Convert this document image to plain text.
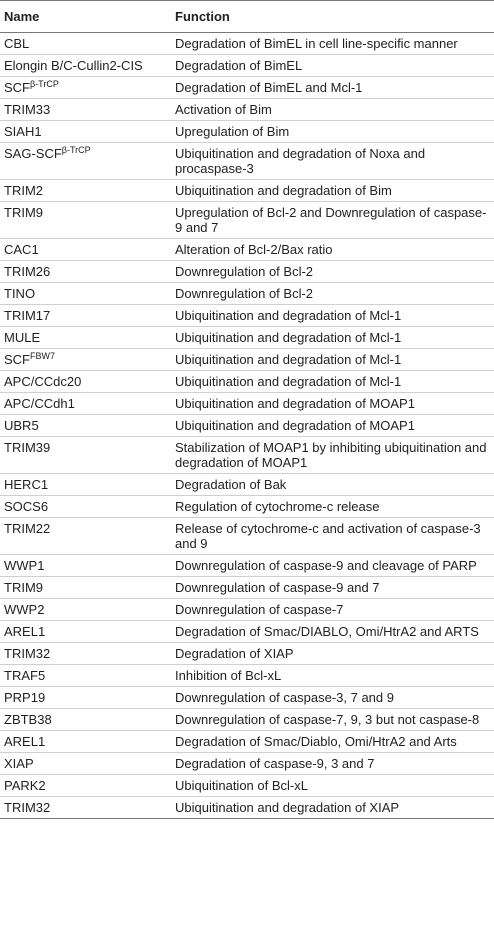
Name	Function
CBL	Degradation of BimEL in cell line-specific manner
Elongin B/C-Cullin2-CIS	Degradation of BimEL
$SCF^{\beta-TrCP}$	Degradation of BimEL and Mcl-1
TRIM33	Activation of Bim
SIAH1	Upregulation of Bim
SAG-$SCF^{\beta-TrCP}$	Ubiquitination and degradation of Noxa and procaspase-3
TRIM2	Ubiquitination and degradation of Bim
TRIM9	Upregulation of Bcl-2 and Downregulation of caspase-9 and 7
CAC1	Alteration of Bcl-2/Bax ratio
TRIM26	Downregulation of Bcl-2
TINO	Downregulation of Bcl-2
TRIM17	Ubiquitination and degradation of Mcl-1
MULE	Ubiquitination and degradation of Mcl-1
$SCF^{FBW7}$	Ubiquitination and degradation of Mcl-1
APC/CCdc20	Ubiquitination and degradation of Mcl-1
APC/CCdh1	Ubiquitination and degradation of MOAP1
UBR5	Ubiquitination and degradation of MOAP1
TRIM39	Stabilization of MOAP1 by inhibiting ubiquitination and degradation of MOAP1
HERC1	Degradation of Bak
SOCS6	Regulation of cytochrome-c release
TRIM22	Release of cytochrome-c and activation of caspase-3 and 9
WWP1	Downregulation of caspase-9 and cleavage of PARP
TRIM9	Downregulation of caspase-9 and 7
WWP2	Downregulation of caspase-7
AREL1	Degradation of Smac/DIABLO, Omi/HtrA2 and ARTS
TRIM32	Degradation of XIAP
TRAF5	Inhibition of Bcl-xL
PRP19	Downregulation of caspase-3, 7 and 9
ZBTB38	Downregulation of caspase-7, 9, 3 but not caspase-8
AREL1	Degradation of Smac/Diablo, Omi/HtrA2 and Arts
XIAP	Degradation of caspase-9, 3 and 7
PARK2	Ubiquitination of Bcl-xL
TRIM32	Ubiquitination and degradation of XIAP
